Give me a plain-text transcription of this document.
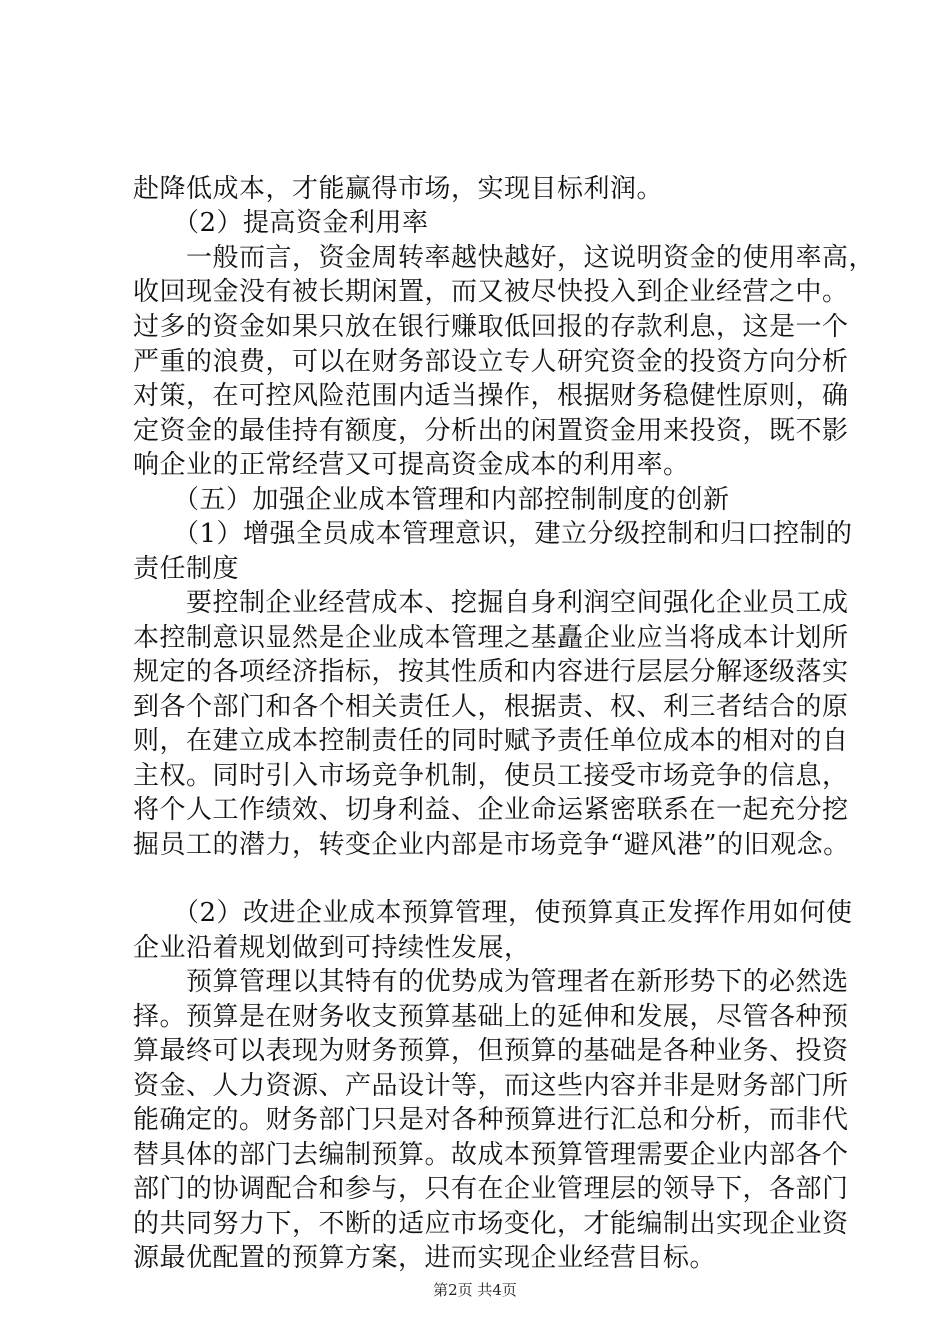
赴降低成本，才能赢得市场，实现目标利润。
　　（2）提高资金利用率
　　一般而言，资金周转率越快越好，这说明资金的使用率高，
收回现金没有被长期闲置，而又被尽快投入到企业经营之中。
过多的资金如果只放在银行赚取低回报的存款利息，这是一个
严重的浪费，可以在财务部设立专人研究资金的投资方向分析
对策，在可控风险范围内适当操作，根据财务稳健性原则，确
定资金的最佳持有额度，分析出的闲置资金用来投资，既不影
响企业的正常经营又可提高资金成本的利用率。
　　（五）加强企业成本管理和内部控制制度的创新
　　（1）增强全员成本管理意识，建立分级控制和归口控制的
责任制度
　　要控制企业经营成本、挖掘自身利润空间强化企业员工成
本控制意识显然是企业成本管理之基矗企业应当将成本计划所
规定的各项经济指标，按其性质和内容进行层层分解逐级落实
到各个部门和各个相关责任人，根据责、权、利三者结合的原
则，在建立成本控制责任的同时赋予责任单位成本的相对的自
主权。同时引入市场竞争机制，使员工接受市场竞争的信息，
将个人工作绩效、切身利益、企业命运紧密联系在一起充分挖
掘员工的潜力，转变企业内部是市场竞争“避风港”的旧观念。
　　（2）改进企业成本预算管理，使预算真正发挥作用如何使
企业沿着规划做到可持续性发展，
　　预算管理以其特有的优势成为管理者在新形势下的必然选
择。预算是在财务收支预算基础上的延伸和发展，尽管各种预
算最终可以表现为财务预算，但预算的基础是各种业务、投资
资金、人力资源、产品设计等，而这些内容并非是财务部门所
能确定的。财务部门只是对各种预算进行汇总和分析，而非代
替具体的部门去编制预算。故成本预算管理需要企业内部各个
部门的协调配合和参与，只有在企业管理层的领导下，各部门
的共同努力下，不断的适应市场变化，才能编制出实现企业资
源最优配置的预算方案，进而实现企业经营目标。
第2页 共4页
